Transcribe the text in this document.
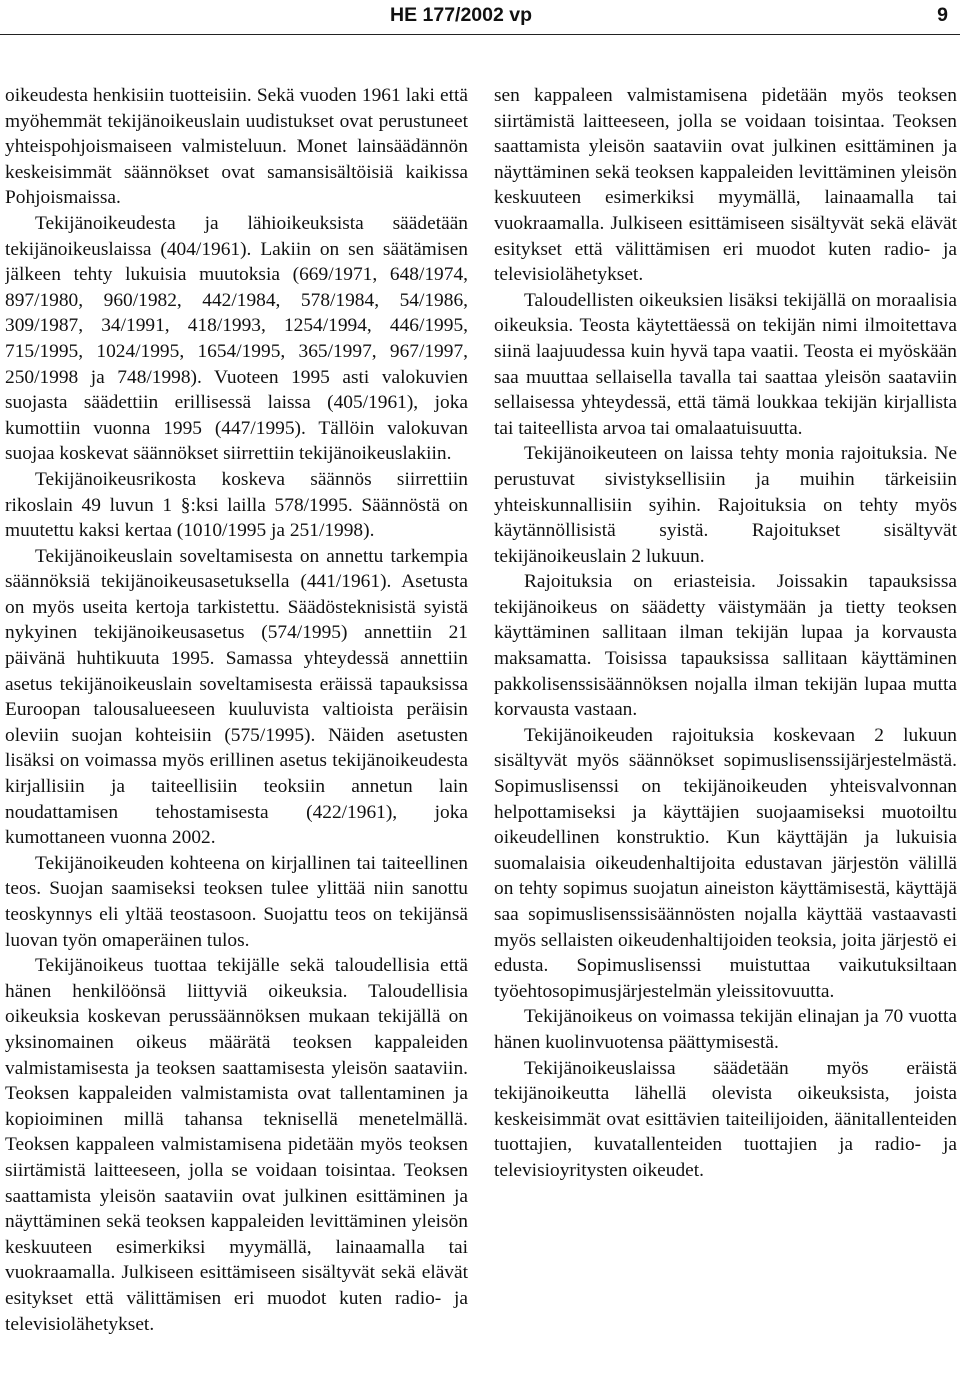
HE 177/2002 vp	9

oikeudesta henkisiin tuotteisiin. Sekä vuoden 1961 laki että myöhemmät tekijänoikeuslain uudistukset ovat perustuneet yhteispohjoismaiseen valmisteluun. Monet lainsäädännön keskeisimmät säännökset ovat samansisältöisiä kaikissa Pohjoismaissa.

Tekijänoikeudesta ja lähioikeuksista säädetään tekijänoikeuslaissa (404/1961). Lakiin on sen säätämisen jälkeen tehty lukuisia muutoksia (669/1971, 648/1974, 897/1980, 960/1982, 442/1984, 578/1984, 54/1986, 309/1987, 34/1991, 418/1993, 1254/1994, 446/1995, 715/1995, 1024/1995, 1654/1995, 365/1997, 967/1997, 250/1998 ja 748/1998). Vuoteen 1995 asti valokuvien suojasta säädettiin erillisessä laissa (405/1961), joka kumottiin vuonna 1995 (447/1995). Tällöin valokuvan suojaa koskevat säännökset siirrettiin tekijänoikeuslakiin.

Tekijänoikeusrikosta koskeva säännös siirrettiin rikoslain 49 luvun 1 §:ksi lailla 578/1995. Säännöstä on muutettu kaksi kertaa (1010/1995 ja 251/1998).

Tekijänoikeuslain soveltamisesta on annettu tarkempia säännöksiä tekijänoikeusasetuksella (441/1961). Asetusta on myös useita kertoja tarkistettu. Säädösteknisistä syistä nykyinen tekijänoikeusasetus (574/1995) annettiin 21 päivänä huhtikuuta 1995. Samassa yhteydessä annettiin asetus tekijänoikeuslain soveltamisesta eräissä tapauksissa Euroopan talousalueeseen kuuluvista valtioista peräisin oleviin suojan kohteisiin (575/1995). Näiden asetusten lisäksi on voimassa myös erillinen asetus tekijänoikeudesta kirjallisiin ja taiteellisiin teoksiin annetun lain noudattamisen tehostamisesta (422/1961), joka kumottaneen vuonna 2002.

Tekijänoikeuden kohteena on kirjallinen tai taiteellinen teos. Suojan saamiseksi teoksen tulee ylittää niin sanottu teoskynnys eli yltää teostasoon. Suojattu teos on tekijänsä luovan työn omaperäinen tulos.

Tekijänoikeus tuottaa tekijälle sekä taloudellisia että hänen henkilöönsä liittyviä oikeuksia. Taloudellisia oikeuksia koskevan perussäännöksen mukaan tekijällä on yksinomainen oikeus määrätä teoksen kappaleiden valmistamisesta ja teoksen saattamisesta yleisön saataviin. Teoksen kappaleiden valmistamista ovat tallentaminen ja kopioiminen millä tahansa teknisellä menetelmällä. Teoksen kappaleen valmistamisena pidetään myös teoksen siirtämistä laitteeseen, jolla se voidaan toisintaa. Teoksen saattamista yleisön saataviin ovat julkinen esittäminen ja näyttäminen sekä teoksen kappaleiden levittäminen yleisön keskuuteen esimerkiksi myymällä, lainaamalla tai vuokraamalla. Julkiseen esittämiseen sisältyvät sekä elävät esitykset että välittämisen eri muodot kuten radio- ja televisiolähetykset.

sen kappaleen valmistamisena pidetään myös teoksen siirtämistä laitteeseen, jolla se voidaan toisintaa. Teoksen saattamista yleisön saataviin ovat julkinen esittäminen ja näyttäminen sekä teoksen kappaleiden levittäminen yleisön keskuuteen esimerkiksi myymällä, lainaamalla tai vuokraamalla. Julkiseen esittämiseen sisältyvät sekä elävät esitykset että välittämisen eri muodot kuten radio- ja televisiolähetykset.

Taloudellisten oikeuksien lisäksi tekijällä on moraalisia oikeuksia. Teosta käytettäessä on tekijän nimi ilmoitettava siinä laajuudessa kuin hyvä tapa vaatii. Teosta ei myöskään saa muuttaa sellaisella tavalla tai saattaa yleisön saataviin sellaisessa yhteydessä, että tämä loukkaa tekijän kirjallista tai taiteellista arvoa tai omalaatuisuutta.

Tekijänoikeuteen on laissa tehty monia rajoituksia. Ne perustuvat sivistyksellisiin ja muihin tärkeisiin yhteiskunnallisiin syihin. Rajoituksia on tehty myös käytännöllisistä syistä. Rajoitukset sisältyvät tekijänoikeuslain 2 lukuun.

Rajoituksia on eriasteisia. Joissakin tapauksissa tekijänoikeus on säädetty väistymään ja tietty teoksen käyttäminen sallitaan ilman tekijän lupaa ja korvausta maksamatta. Toisissa tapauksissa sallitaan käyttäminen pakkolisenssisäännöksen nojalla ilman tekijän lupaa mutta korvausta vastaan.

Tekijänoikeuden rajoituksia koskevaan 2 lukuun sisältyvät myös säännökset sopimuslisenssijärjestelmästä. Sopimuslisenssi on tekijänoikeuden yhteisvalvonnan helpottamiseksi ja käyttäjien suojaamiseksi muotoiltu oikeudellinen konstruktio. Kun käyttäjän ja lukuisia suomalaisia oikeudenhaltijoita edustavan järjestön välillä on tehty sopimus suojatun aineiston käyttämisestä, käyttäjä saa sopimuslisenssisäännösten nojalla käyttää vastaavasti myös sellaisten oikeudenhaltijoiden teoksia, joita järjestö ei edusta. Sopimuslisenssi muistuttaa vaikutuksiltaan työehtosopimusjärjestelmän yleissitovuutta.

Tekijänoikeus on voimassa tekijän elinajan ja 70 vuotta hänen kuolinvuotensa päättymisestä.

Tekijänoikeuslaissa säädetään myös eräistä tekijänoikeutta lähellä olevista oikeuksista, joista keskeisimmät ovat esittävien taiteilijoiden, äänitallenteiden tuottajien, kuvatallenteiden tuottajien ja radio- ja televisioyritysten oikeudet.
